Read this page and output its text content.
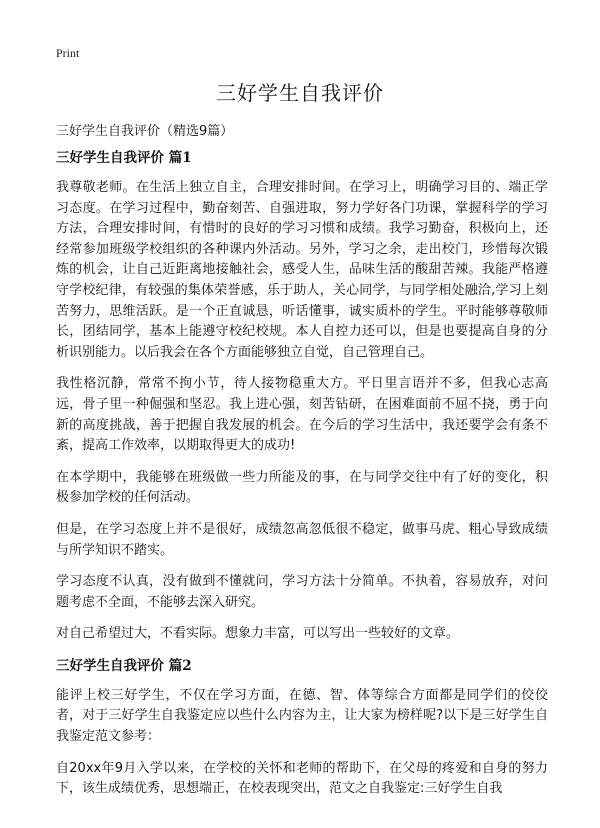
Print
三好学生自我评价

三好学生自我评价（精选9篇）

三好学生自我评价 篇1

我尊敬老师。在生活上独立自主，合理安排时间。在学习上，明确学习目的、端正学习态度。在学习过程中，勤奋刻苦、自强进取，努力学好各门功课，掌握科学的学习方法，合理安排时间，有惜时的良好的学习习惯和成绩。我学习勤奋，积极向上，还经常参加班级学校组织的各种课内外活动。另外，学习之余，走出校门，珍惜每次锻炼的机会，让自己近距离地接触社会，感受人生，品味生活的酸甜苦辣。我能严格遵守学校纪律，有较强的集体荣誉感，乐于助人，关心同学，与同学相处融洽,学习上刻苦努力，思维活跃。是一个正直诚恳，听话懂事，诚实质朴的学生。平时能够尊敬师长，团结同学，基本上能遵守校纪校规。本人自控力还可以，但是也要提高自身的分析识别能力。以后我会在各个方面能够独立自觉，自己管理自己。

我性格沉静，常常不拘小节，待人接物稳重大方。平日里言语并不多，但我心志高远，骨子里一种倔强和坚忍。我上进心强，刻苦钻研，在困难面前不屈不挠，勇于向新的高度挑战，善于把握自我发展的机会。在今后的学习生活中，我还要学会有条不紊，提高工作效率，以期取得更大的成功!

在本学期中，我能够在班级做一些力所能及的事，在与同学交往中有了好的变化，积极参加学校的任何活动。

但是，在学习态度上并不是很好，成绩忽高忽低很不稳定，做事马虎、粗心导致成绩与所学知识不踏实。

学习态度不认真，没有做到不懂就问，学习方法十分简单。不执着，容易放弃，对问题考虑不全面，不能够去深入研究。

对自己希望过大，不看实际。想象力丰富，可以写出一些较好的文章。

三好学生自我评价 篇2

能评上校三好学生，不仅在学习方面，在德、智、体等综合方面都是同学们的佼佼者，对于三好学生自我鉴定应以些什么内容为主，让大家为榜样呢?以下是三好学生自我鉴定范文参考：

自20xx年9月入学以来，在学校的关怀和老师的帮助下，在父母的疼爱和自身的努力下，该生成绩优秀，思想端正，在校表现突出，范文之自我鉴定:三好学生自我
